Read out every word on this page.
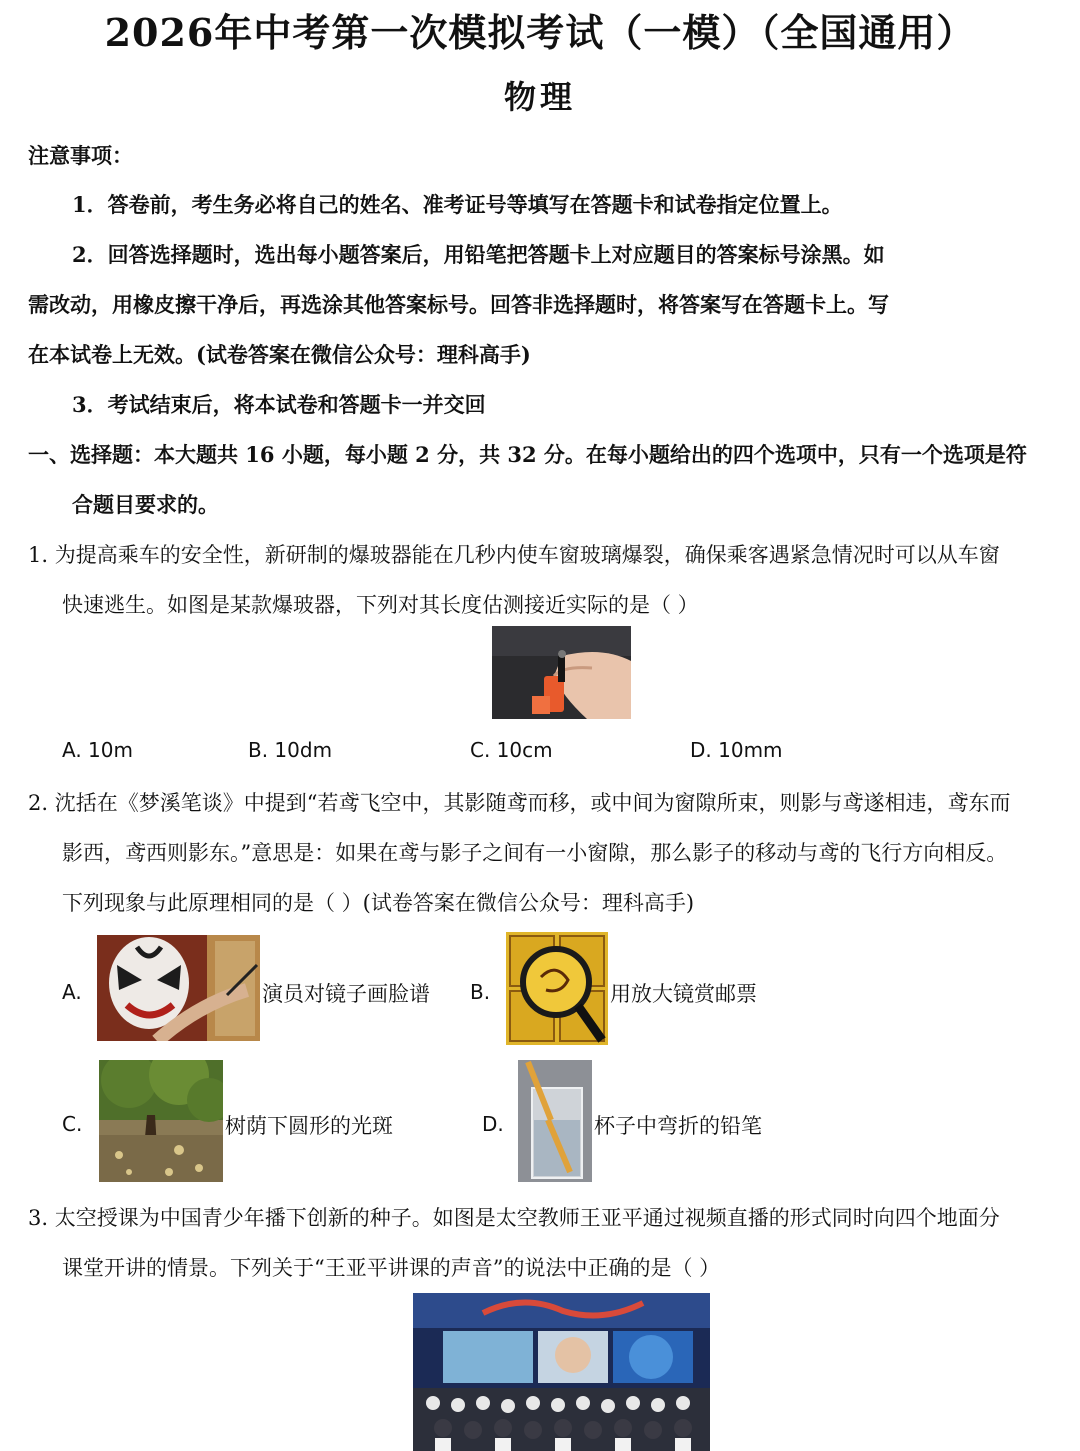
2026年中考第一次模拟考试（一模）（全国通用）
物理
注意事项：
1．答卷前，考生务必将自己的姓名、准考证号等填写在答题卡和试卷指定位置上。
2．回答选择题时，选出每小题答案后，用铅笔把答题卡上对应题目的答案标号涂黑。如
需改动，用橡皮擦干净后，再选涂其他答案标号。回答非选择题时，将答案写在答题卡上。写
在本试卷上无效。(试卷答案在微信公众号：理科高手)
3．考试结束后，将本试卷和答题卡一并交回
一、选择题：本大题共 16 小题，每小题 2 分，共 32 分。在每小题给出的四个选项中，只有一个选项是符
合题目要求的。
1. 为提高乘车的安全性，新研制的爆玻器能在几秒内使车窗玻璃爆裂，确保乘客遇紧急情况时可以从车窗
快速逃生。如图是某款爆玻器，下列对其长度估测接近实际的是（ ）
A. 10m	B. 10dm	C. 10cm	D. 10mm
2. 沈括在《梦溪笔谈》中提到“若鸢飞空中，其影随鸢而移，或中间为窗隙所束，则影与鸢遂相违，鸢东而
影西，鸢西则影东。”意思是：如果在鸢与影子之间有一小窗隙，那么影子的移动与鸢的飞行方向相反。
下列现象与此原理相同的是（ ）(试卷答案在微信公众号：理科高手)
A.	演员对镜子画脸谱 B.	用放大镜赏邮票
C.	树荫下圆形的光斑	D.	杯子中弯折的铅笔
3. 太空授课为中国青少年播下创新的种子。如图是太空教师王亚平通过视频直播的形式同时向四个地面分
课堂开讲的情景。下列关于“王亚平讲课的声音”的说法中正确的是（ ）
